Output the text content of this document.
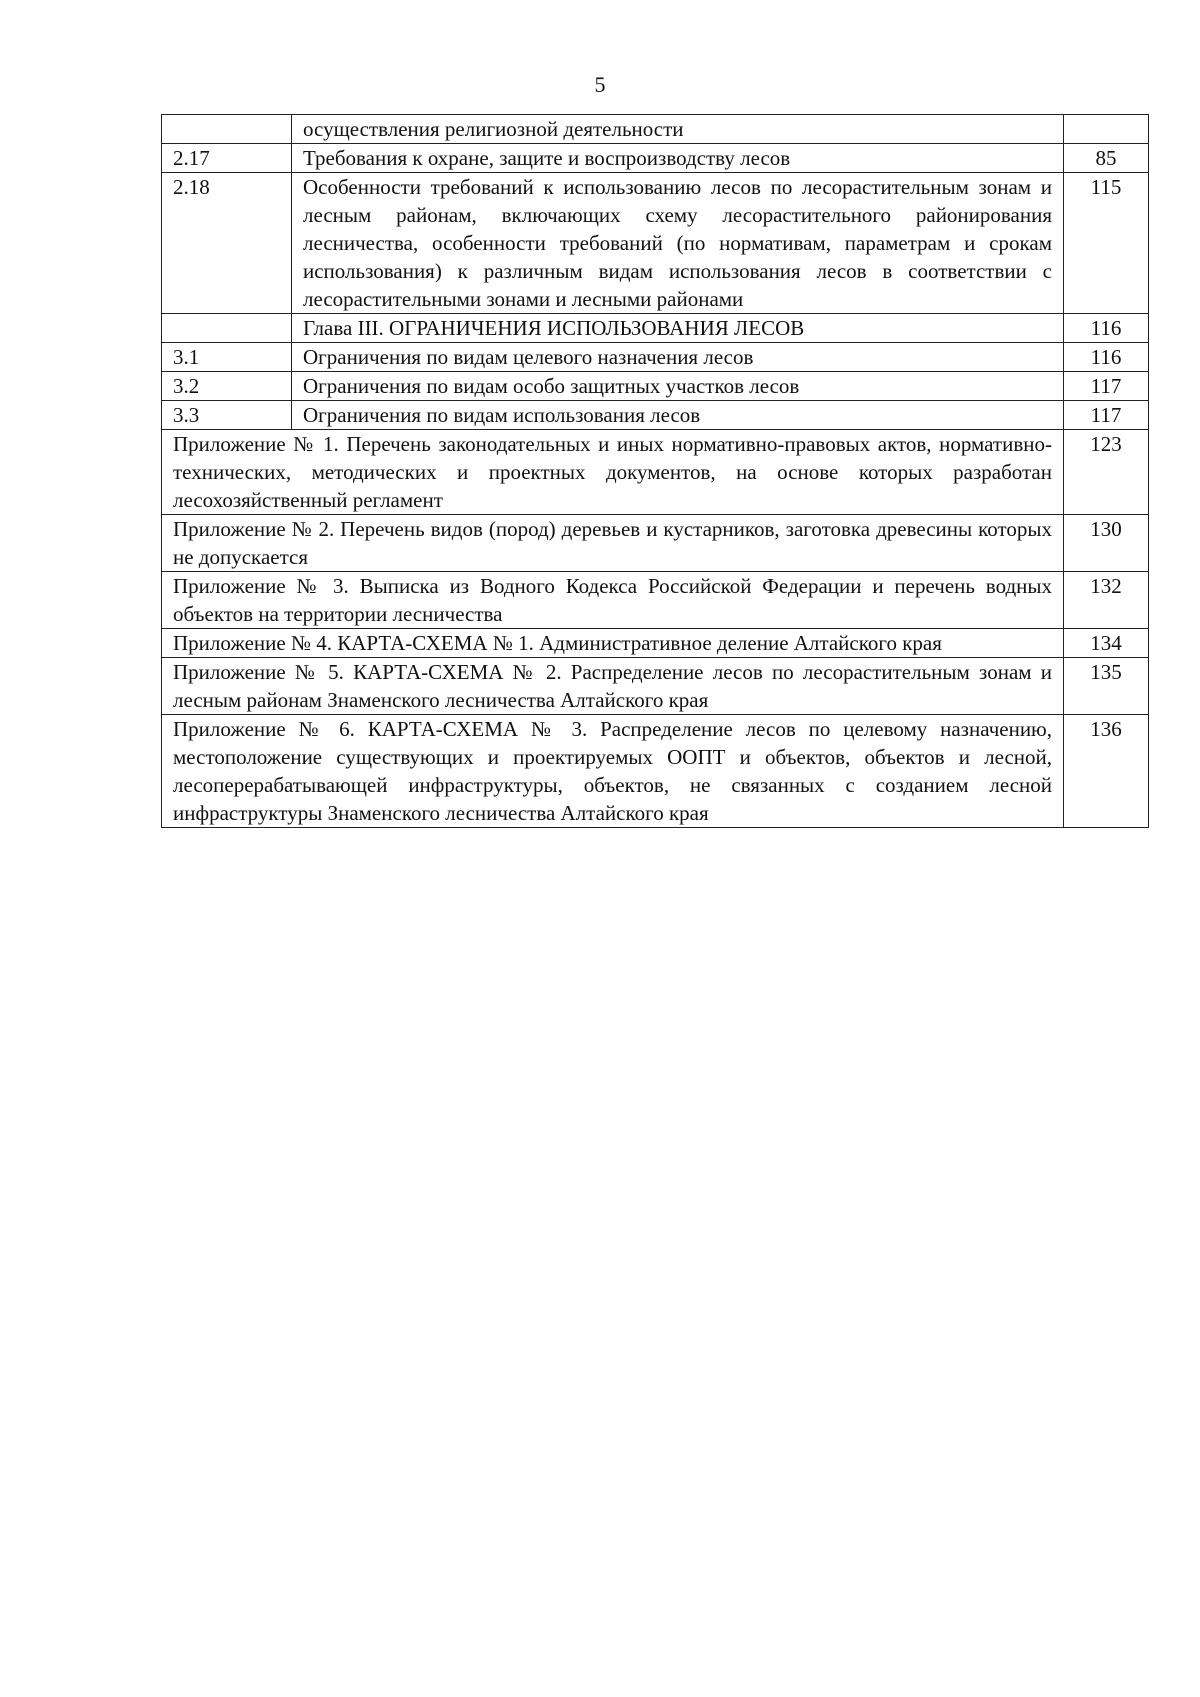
5
	осуществления религиозной деятельности	
2.17	Требования к охране, защите и воспроизводству лесов	85
2.18	Особенности требований к использованию лесов по лесорастительным зонам и лесным районам, включающих схему лесорастительного районирования лесничества, особенности требований (по нормативам, параметрам и срокам использования) к различным видам использования лесов в соответствии с лесорастительными зонами и лесными районами	115
	Глава III. ОГРАНИЧЕНИЯ ИСПОЛЬЗОВАНИЯ ЛЕСОВ	116
3.1	Ограничения по видам целевого назначения лесов	116
3.2	Ограничения по видам особо защитных участков лесов	117
3.3	Ограничения по видам использования лесов	117
Приложение № 1. Перечень законодательных и иных нормативно-правовых актов, нормативно-технических, методических и проектных документов, на основе которых разработан лесохозяйственный регламент		123
Приложение № 2. Перечень видов (пород) деревьев и кустарников, заготовка древесины которых не допускается		130
Приложение № 3. Выписка из Водного Кодекса Российской Федерации и перечень водных объектов на территории лесничества		132
Приложение № 4. КАРТА-СХЕМА № 1. Административное деление Алтайского края		134
Приложение № 5. КАРТА-СХЕМА № 2. Распределение лесов по лесорастительным зонам и лесным районам Знаменского лесничества Алтайского края		135
Приложение № 6. КАРТА-СХЕМА № 3. Распределение лесов по целевому назначению, местоположение существующих и проектируемых ООПТ и объектов, объектов и лесной, лесоперерабатывающей инфраструктуры, объектов, не связанных с созданием лесной инфраструктуры Знаменского лесничества Алтайского края		136
